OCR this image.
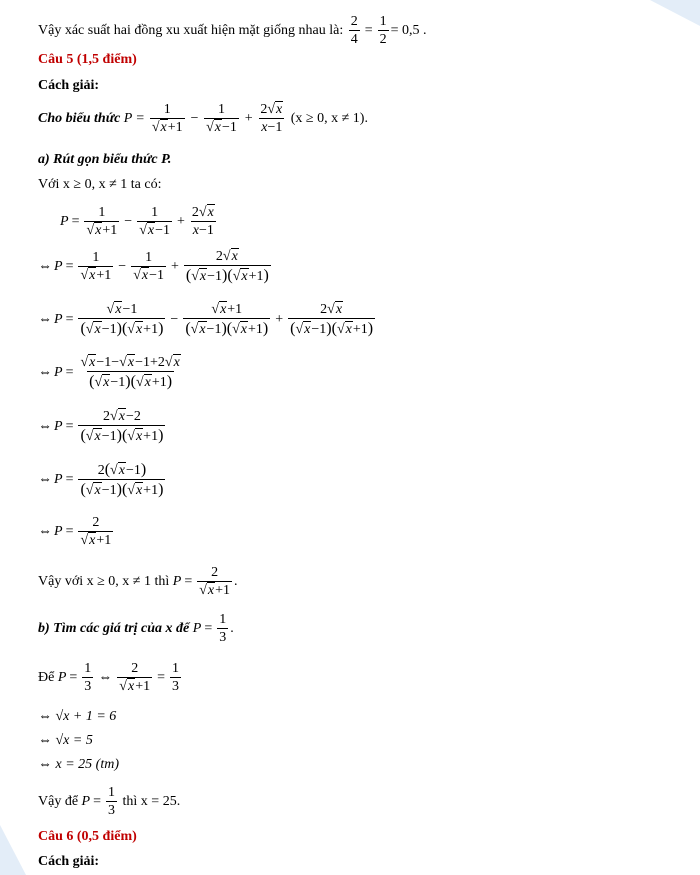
Vậy xác suất hai đồng xu xuất hiện mặt giống nhau là:
$\frac{2}{4} = \frac{1}{2} = 0,5$ .
Câu 5 (1,5 điểm)
Cách giải:
Cho biểu thức
$P = \frac{1}{√x+1} - \frac{1}{√x-1} + \frac{2√x}{x-1}$
(x ≥ 0, x ≠ 1).
a) Rút gọn biểu thức P.
Với x ≥ 0, x ≠ 1 ta có:
$P = \frac{1}{√x+1} - \frac{1}{√x-1} + \frac{2√x}{x-1}$
⇔ $P = \frac{1}{√x+1} - \frac{1}{√x-1} + \frac{2√x}{(√x-1)(√x+1)}$
⇔ $P = \frac{√x-1}{(√x-1)(√x+1)} - \frac{√x+1}{(√x-1)(√x+1)} + \frac{2√x}{(√x-1)(√x+1)}$
⇔ $P = \frac{√x-1-√x-1+2√x}{(√x-1)(√x+1)}$
⇔ $P = \frac{2√x-2}{(√x-1)(√x+1)}$
⇔ $P = \frac{2(√x-1)}{(√x-1)(√x+1)}$
⇔ $P = \frac{2}{√x+1}$
Vậy với x ≥ 0, x ≠ 1 thì
$P = \frac{2}{√x+1}$ .
b) Tìm các giá trị của x để
$P = \frac{1}{3}$ .
Để
$P = \frac{1}{3}$ ⇔ $\frac{2}{√x+1} = \frac{1}{3}$
⇔ √x + 1 = 6
⇔ √x = 5
⇔ x = 25 (tm)
Vậy để
$P = \frac{1}{3}$
thì x = 25.
Câu 6 (0,5 điểm)
Cách giải:
